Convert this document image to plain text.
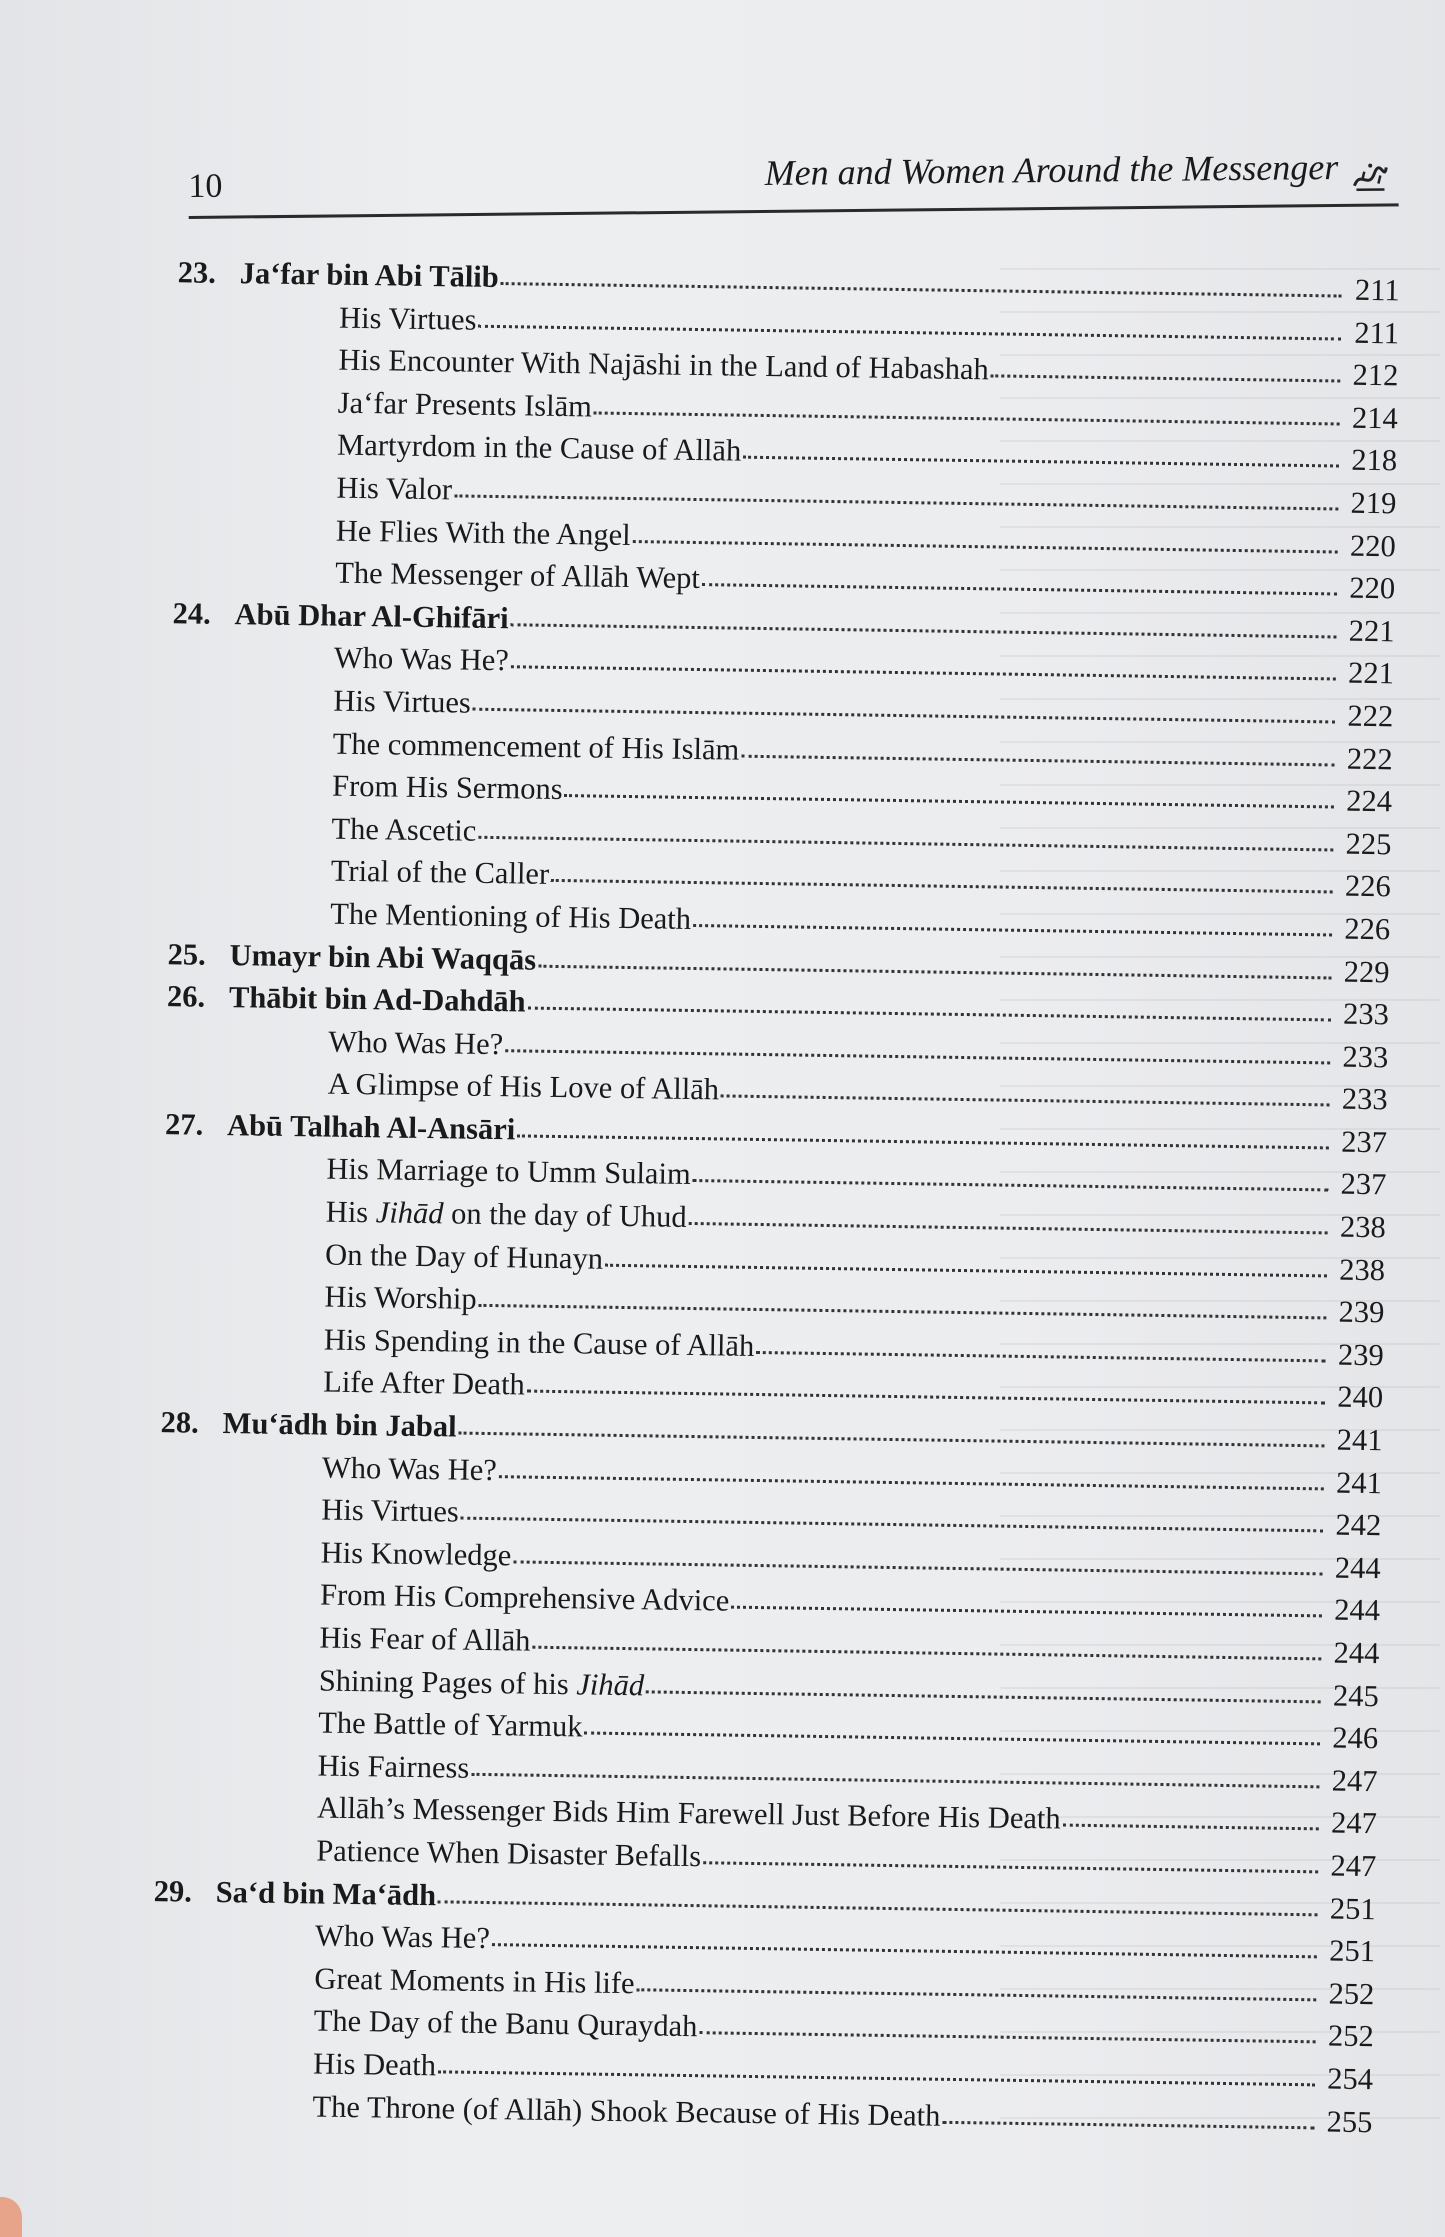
10	Men and Women Around the Messenger
23. Ja‘far bin Abi Tālib	211
His Virtues	211
His Encounter With Najāshi in the Land of Habashah	212
Ja‘far Presents Islām	214
Martyrdom in the Cause of Allāh	218
His Valor	219
He Flies With the Angel	220
The Messenger of Allāh Wept	220
24. Abū Dhar Al-Ghifāri	221
Who Was He?	221
His Virtues	222
The commencement of His Islām	222
From His Sermons	224
The Ascetic	225
Trial of the Caller	226
The Mentioning of His Death	226
25. Umayr bin Abi Waqqās	229
26. Thābit bin Ad-Dahdāh	233
Who Was He?	233
A Glimpse of His Love of Allāh	233
27. Abū Talhah Al-Ansāri	237
His Marriage to Umm Sulaim	237
His Jihād on the day of Uhud	238
On the Day of Hunayn	238
His Worship	239
His Spending in the Cause of Allāh	239
Life After Death	240
28. Mu‘ādh bin Jabal	241
Who Was He?	241
His Virtues	242
His Knowledge	244
From His Comprehensive Advice	244
His Fear of Allāh	244
Shining Pages of his Jihād	245
The Battle of Yarmuk	246
His Fairness	247
Allāh’s Messenger Bids Him Farewell Just Before His Death	247
Patience When Disaster Befalls	247
29. Sa‘d bin Ma‘ādh	251
Who Was He?	251
Great Moments in His life	252
The Day of the Banu Quraydah	252
His Death	254
The Throne (of Allāh) Shook Because of His Death	255
